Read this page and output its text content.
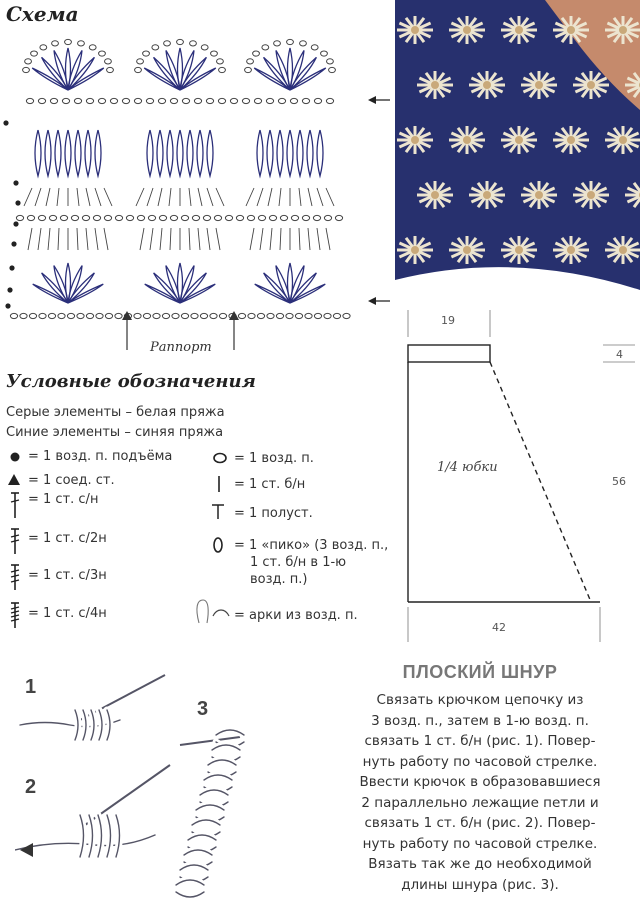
Схема
Раппорт
19
4
56
42
1/4 юбки
Условные обозначения
Серые элементы – белая пряжа
Синие элементы – синяя пряжа
= 1 возд. п. подъёма
= 1 соед. ст.
= 1 ст. с/н
= 1 ст. с/2н
= 1 ст. с/3н
= 1 ст. с/4н
= 1 возд. п.
= 1 ст. б/н
= 1 полуст.
= 1 «пико» (3 возд. п.,
1 ст. б/н в 1-ю
возд. п.)
= арки из возд. п.
1
2
3
ПЛОСКИЙ ШНУР
Связать крючком цепочку из
3 возд. п., затем в 1-ю возд. п.
связать 1 ст. б/н (рис. 1). Повер-
нуть работу по часовой стрелке.
Ввести крючок в образовавшиеся
2 параллельно лежащие петли и
связать 1 ст. б/н (рис. 2). Повер-
нуть работу по часовой стрелке.
Вязать так же до необходимой
длины шнура (рис. 3).
